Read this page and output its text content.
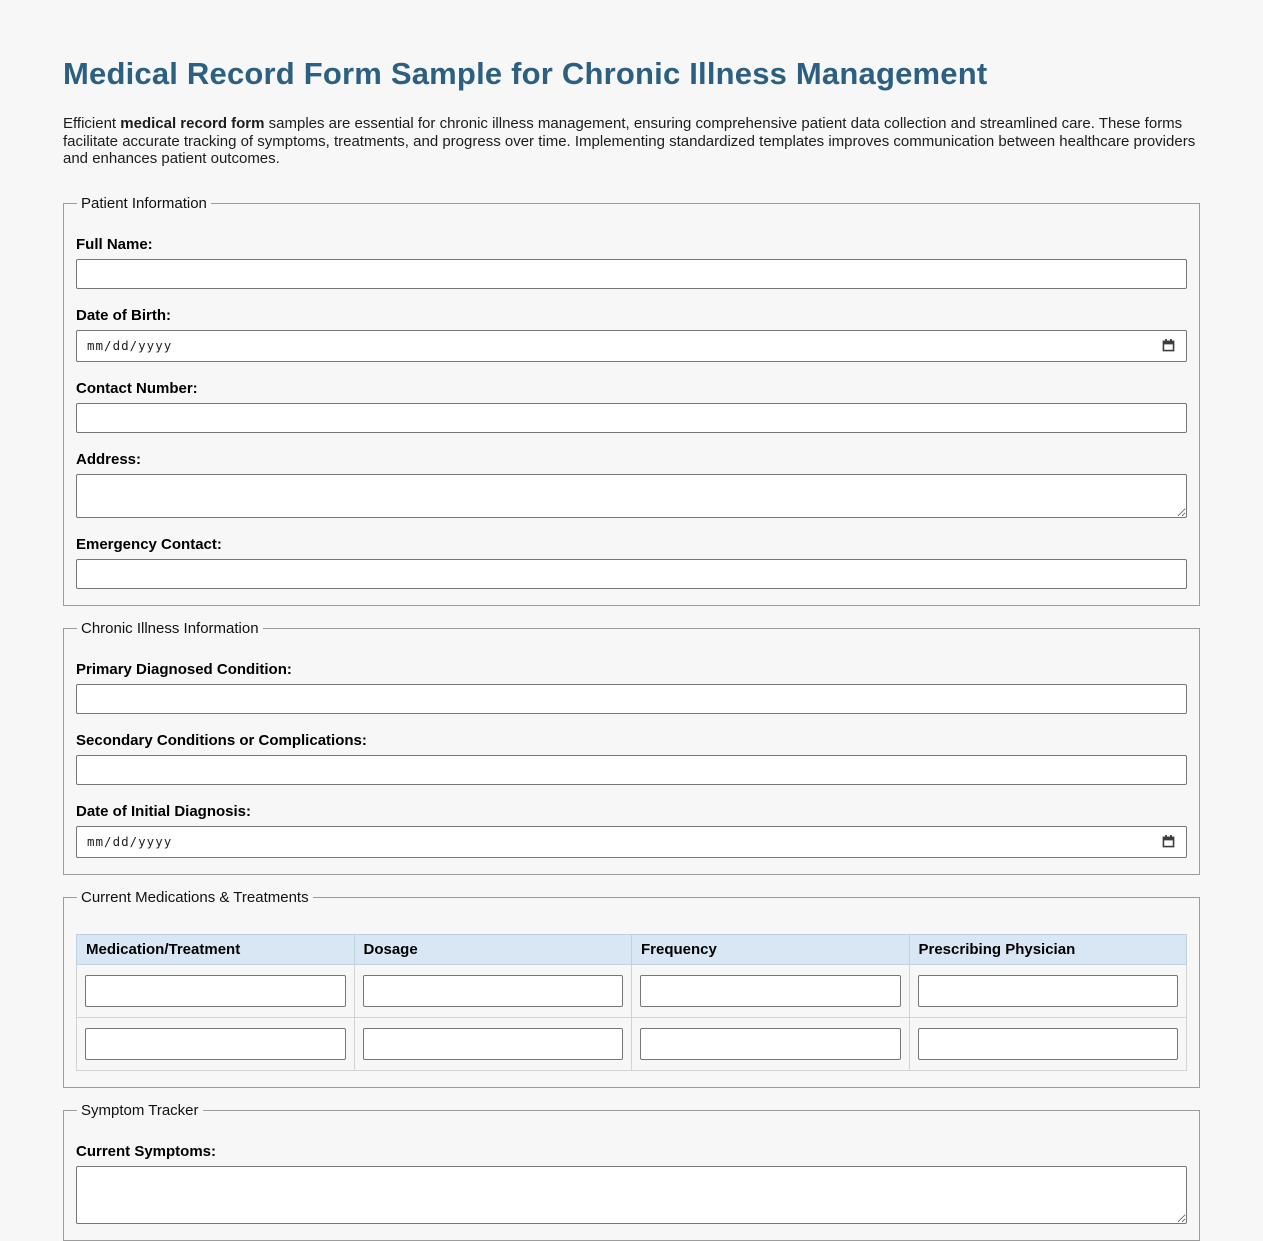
Medical Record Form Sample for Chronic Illness Management

Efficient medical record form samples are essential for chronic illness management, ensuring comprehensive patient data collection and streamlined care. These forms facilitate accurate tracking of symptoms, treatments, and progress over time. Implementing standardized templates improves communication between healthcare providers and enhances patient outcomes.

Patient Information
Full Name:
Date of Birth:
mm/dd/yyyy
Contact Number:
Address:
Emergency Contact:
Chronic Illness Information
Primary Diagnosed Condition:
Secondary Conditions or Complications:
Date of Initial Diagnosis:
mm/dd/yyyy
Current Medications & Treatments
Medication/Treatment	Dosage	Frequency	Prescribing Physician

Symptom Tracker
Current Symptoms:
